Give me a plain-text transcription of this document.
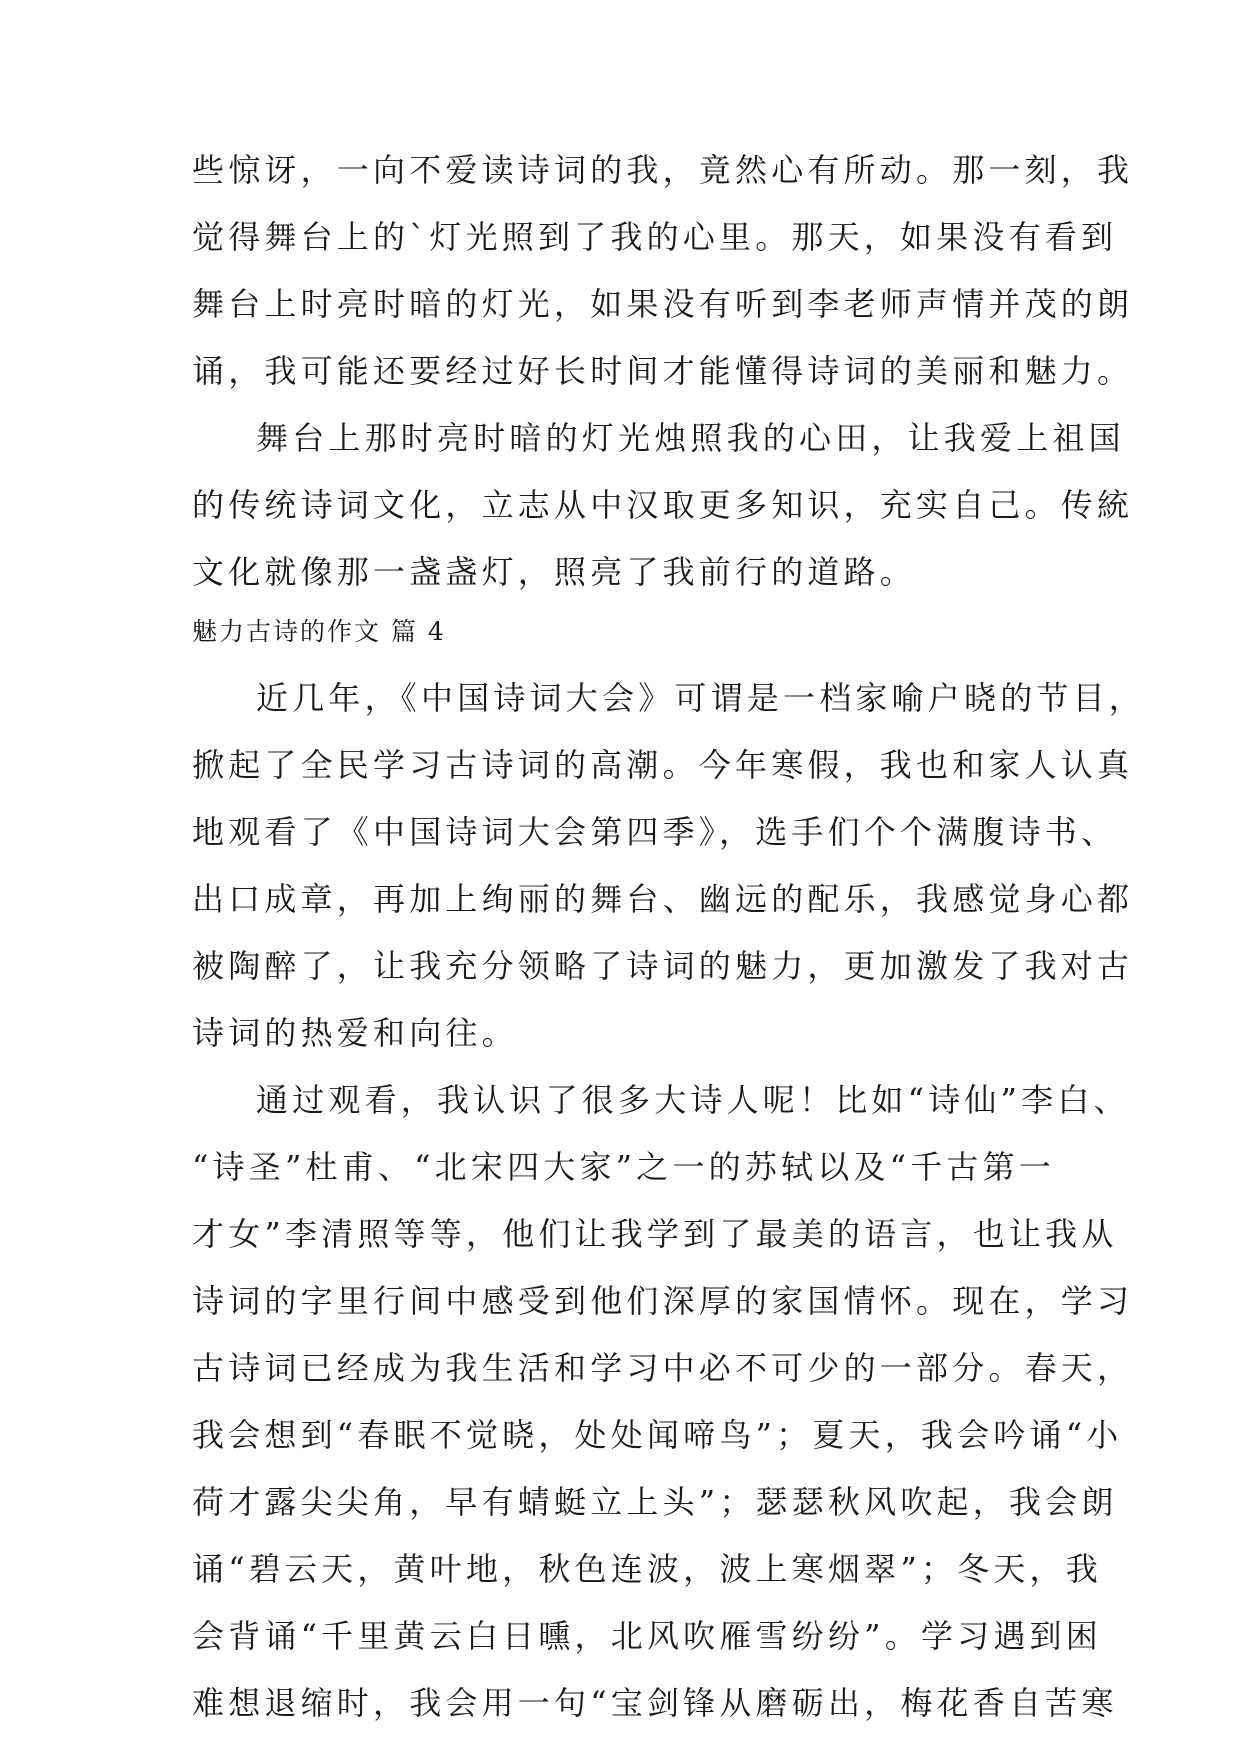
些惊讶，一向不爱读诗词的我，竟然心有所动。那一刻，我
觉得舞台上的`灯光照到了我的心里。那天，如果没有看到
舞台上时亮时暗的灯光，如果没有听到李老师声情并茂的朗
诵，我可能还要经过好长时间才能懂得诗词的美丽和魅力。
舞台上那时亮时暗的灯光烛照我的心田，让我爱上祖国
的传统诗词文化，立志从中汉取更多知识，充实自己。传統
文化就像那一盏盏灯，照亮了我前行的道路。
魅力古诗的作文 篇 4
近几年，《中国诗词大会》可谓是一档家喻户晓的节目，
掀起了全民学习古诗词的高潮。今年寒假，我也和家人认真
地观看了《中国诗词大会第四季》，选手们个个满腹诗书、
出口成章，再加上绚丽的舞台、幽远的配乐，我感觉身心都
被陶醉了，让我充分领略了诗词的魅力，更加激发了我对古
诗词的热爱和向往。
通过观看，我认识了很多大诗人呢！比如“诗仙”李白、
“诗圣”杜甫、“北宋四大家”之一的苏轼以及“千古第一
才女”李清照等等，他们让我学到了最美的语言，也让我从
诗词的字里行间中感受到他们深厚的家国情怀。现在，学习
古诗词已经成为我生活和学习中必不可少的一部分。春天，
我会想到“春眠不觉晓，处处闻啼鸟”；夏天，我会吟诵“小
荷才露尖尖角，早有蜻蜓立上头”；瑟瑟秋风吹起，我会朗
诵“碧云天，黄叶地，秋色连波，波上寒烟翠”；冬天，我
会背诵“千里黄云白日曛，北风吹雁雪纷纷”。学习遇到困
难想退缩时，我会用一句“宝剑锋从磨砺出，梅花香自苦寒
